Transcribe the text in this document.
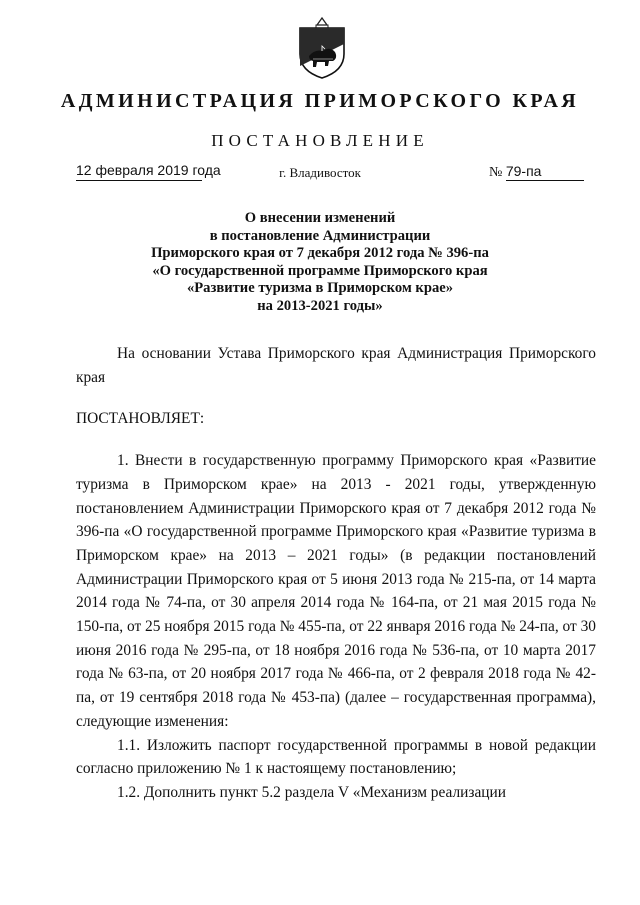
АДМИНИСТРАЦИЯ ПРИМОРСКОГО КРАЯ
ПОСТАНОВЛЕНИЕ
12 февраля 2019 года	г. Владивосток	№ 79-па
О внесении изменений
в постановление Администрации
Приморского края от 7 декабря 2012 года № 396-па
«О государственной программе Приморского края
«Развитие туризма в Приморском крае»
на 2013-2021 годы»

На основании Устава Приморского края Администрация Приморского края

ПОСТАНОВЛЯЕТ:

1. Внести в государственную программу Приморского края «Развитие туризма в Приморском крае» на 2013 - 2021 годы, утвержденную постановлением Администрации Приморского края от 7 декабря 2012 года № 396-па «О государственной программе Приморского края «Развитие туризма в Приморском крае» на 2013 – 2021 годы» (в редакции постановлений Администрации Приморского края от 5 июня 2013 года № 215-па, от 14 марта 2014 года № 74-па, от 30 апреля 2014 года № 164-па, от 21 мая 2015 года № 150-па, от 25 ноября 2015 года № 455-па, от 22 января 2016 года № 24-па, от 30 июня 2016 года № 295-па, от 18 ноября 2016 года № 536-па, от 10 марта 2017 года № 63-па, от 20 ноября 2017 года № 466-па, от 2 февраля 2018 года № 42-па, от 19 сентября 2018 года № 453-па) (далее – государственная программа), следующие изменения:

1.1. Изложить паспорт государственной программы в новой редакции согласно приложению № 1 к настоящему постановлению;

1.2. Дополнить пункт 5.2 раздела V «Механизм реализации
